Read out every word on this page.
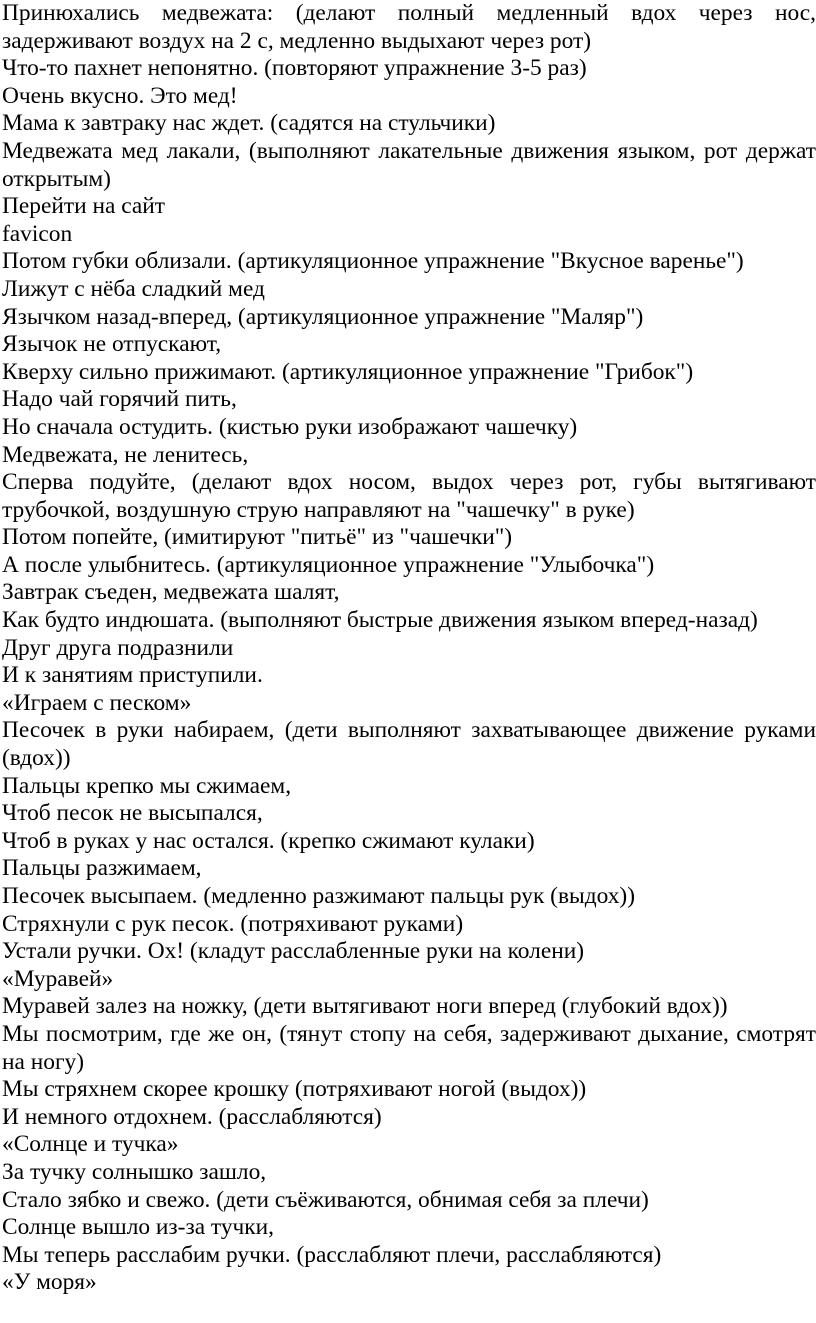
Принюхались медвежата: (делают полный медленный вдох через нос, задерживают воздух на 2 с, медленно выдыхают через рот)

Что-то пахнет непонятно. (повторяют упражнение 3-5 раз)

Очень вкусно. Это мед!

Мама к завтраку нас ждет. (садятся на стульчики)

Медвежата мед лакали, (выполняют лакательные движения языком, рот держат открытым)

Перейти на сайт

favicon

Потом губки облизали. (артикуляционное упражнение "Вкусное варенье")

Лижут с нёба сладкий мед

Язычком назад-вперед, (артикуляционное упражнение "Маляр")

Язычок не отпускают,

Кверху сильно прижимают. (артикуляционное упражнение "Грибок")

Надо чай горячий пить,

Но сначала остудить. (кистью руки изображают чашечку)

Медвежата, не ленитесь,

Сперва подуйте, (делают вдох носом, выдох через рот, губы вытягивают трубочкой, воздушную струю направляют на "чашечку" в руке)

Потом попейте, (имитируют "питьё" из "чашечки")

А после улыбнитесь. (артикуляционное упражнение "Улыбочка")

Завтрак съеден, медвежата шалят,

Как будто индюшата. (выполняют быстрые движения языком вперед-назад)

Друг друга подразнили

И к занятиям приступили.

«Играем с песком»

Песочек в руки набираем, (дети выполняют захватывающее движение руками (вдох))

Пальцы крепко мы сжимаем,

Чтоб песок не высыпался,

Чтоб в руках у нас остался. (крепко сжимают кулаки)

Пальцы разжимаем,

Песочек высыпаем. (медленно разжимают пальцы рук (выдох))

Стряхнули с рук песок. (потряхивают руками)

Устали ручки. Ох! (кладут расслабленные руки на колени)

«Муравей»

Муравей залез на ножку, (дети вытягивают ноги вперед (глубокий вдох))

Мы посмотрим, где же он, (тянут стопу на себя, задерживают дыхание, смотрят на ногу)

Мы стряхнем скорее крошку (потряхивают ногой (выдох))

И немного отдохнем. (расслабляются)

«Солнце и тучка»

За тучку солнышко зашло,

Стало зябко и свежо. (дети съёживаются, обнимая себя за плечи)

Солнце вышло из-за тучки,

Мы теперь расслабим ручки. (расслабляют плечи, расслабляются)

«У моря»
